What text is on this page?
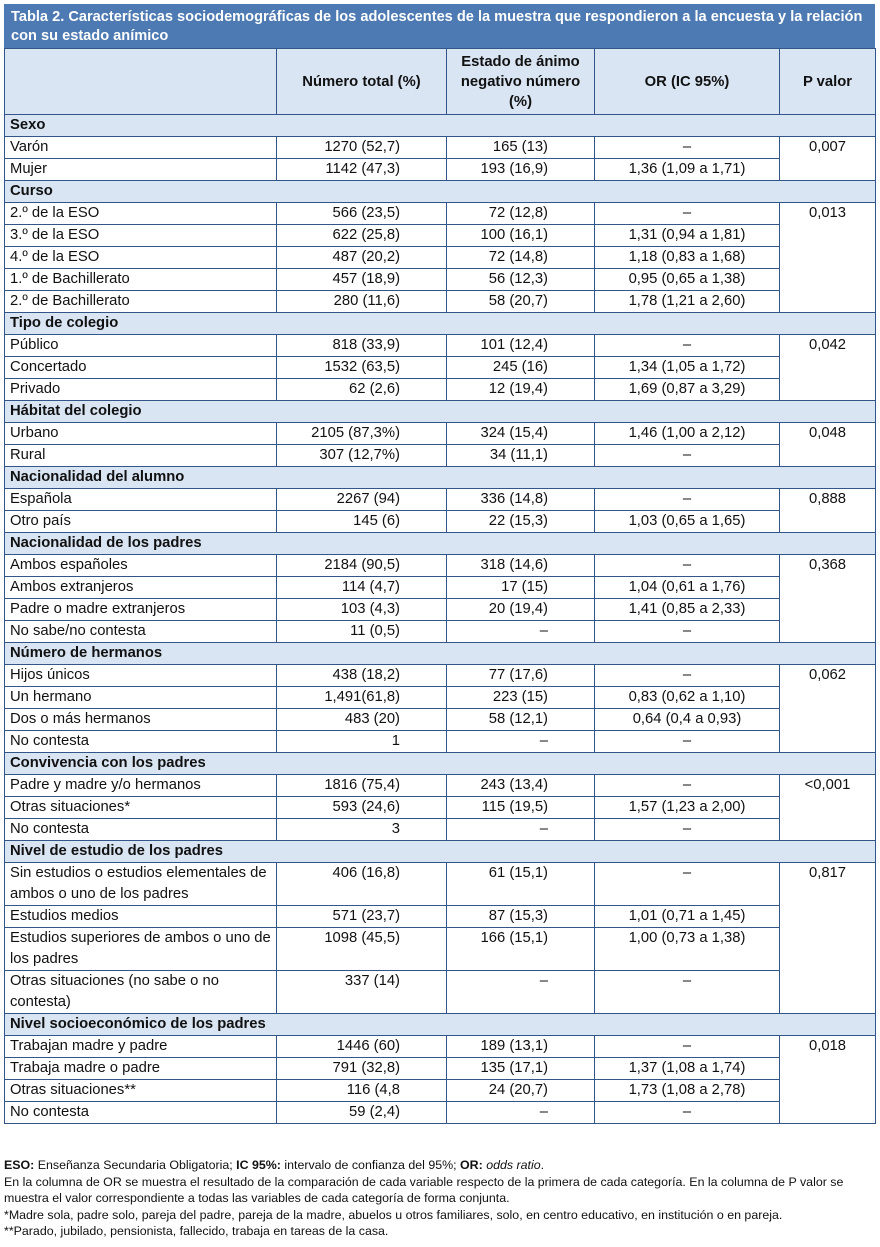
Tabla 2. Características sociodemográficas de los adolescentes de la muestra que respondieron a la encuesta y la relación con su estado anímico
	Número total (%)	Estado de ánimo negativo número (%)	OR (IC 95%)	P valor
Sexo				
Varón	1270 (52,7)	165 (13)	–	0,007
Mujer	1142 (47,3)	193 (16,9)	1,36 (1,09 a 1,71)	
Curso				
2.º de la ESO	566 (23,5)	72 (12,8)	–	0,013
3.º de la ESO	622 (25,8)	100 (16,1)	1,31 (0,94 a 1,81)	
4.º de la ESO	487 (20,2)	72 (14,8)	1,18 (0,83 a 1,68)	
1.º de Bachillerato	457 (18,9)	56 (12,3)	0,95 (0,65 a 1,38)	
2.º de Bachillerato	280 (11,6)	58 (20,7)	1,78 (1,21 a 2,60)	
Tipo de colegio				
Público	818 (33,9)	101 (12,4)	–	0,042
Concertado	1532 (63,5)	245 (16)	1,34 (1,05 a 1,72)	
Privado	62 (2,6)	12 (19,4)	1,69 (0,87 a 3,29)	
Hábitat del colegio				
Urbano	2105 (87,3%)	324 (15,4)	1,46 (1,00 a 2,12)	0,048
Rural	307 (12,7%)	34 (11,1)	–	
Nacionalidad del alumno				
Española	2267 (94)	336 (14,8)	–	0,888
Otro país	145 (6)	22 (15,3)	1,03 (0,65 a 1,65)	
Nacionalidad de los padres				
Ambos españoles	2184 (90,5)	318 (14,6)	–	0,368
Ambos extranjeros	114 (4,7)	17 (15)	1,04 (0,61 a 1,76)	
Padre o madre extranjeros	103 (4,3)	20 (19,4)	1,41 (0,85 a 2,33)	
No sabe/no contesta	11 (0,5)	–	–	
Número de hermanos				
Hijos únicos	438 (18,2)	77 (17,6)	–	0,062
Un hermano	1,491(61,8)	223 (15)	0,83 (0,62 a 1,10)	
Dos o más hermanos	483 (20)	58 (12,1)	0,64 (0,4 a 0,93)	
No contesta	1	–	–	
Convivencia con los padres				
Padre y madre y/o hermanos	1816 (75,4)	243 (13,4)	–	<0,001
Otras situaciones*	593 (24,6)	115 (19,5)	1,57 (1,23 a 2,00)	
No contesta	3	–	–	
Nivel de estudio de los padres				
Sin estudios o estudios elementales de ambos o uno de los padres	406 (16,8)	61 (15,1)	–	0,817
Estudios medios	571 (23,7)	87 (15,3)	1,01 (0,71 a 1,45)	
Estudios superiores de ambos o uno de los padres	1098 (45,5)	166 (15,1)	1,00 (0,73 a 1,38)	
Otras situaciones (no sabe o no contesta)	337 (14)	–	–	
Nivel socioeconómico de los padres				
Trabajan madre y padre	1446 (60)	189 (13,1)	–	0,018
Trabaja madre o padre	791 (32,8)	135 (17,1)	1,37 (1,08 a 1,74)	
Otras situaciones**	116 (4,8	24 (20,7)	1,73 (1,08 a 2,78)	
No contesta	59 (2,4)	–	–	
ESO: Enseñanza Secundaria Obligatoria; IC 95%: intervalo de confianza del 95%; OR: odds ratio.
En la columna de OR se muestra el resultado de la comparación de cada variable respecto de la primera de cada categoría. En la columna de P valor se muestra el valor correspondiente a todas las variables de cada categoría de forma conjunta.
*Madre sola, padre solo, pareja del padre, pareja de la madre, abuelos u otros familiares, solo, en centro educativo, en institución o en pareja.
**Parado, jubilado, pensionista, fallecido, trabaja en tareas de la casa.
